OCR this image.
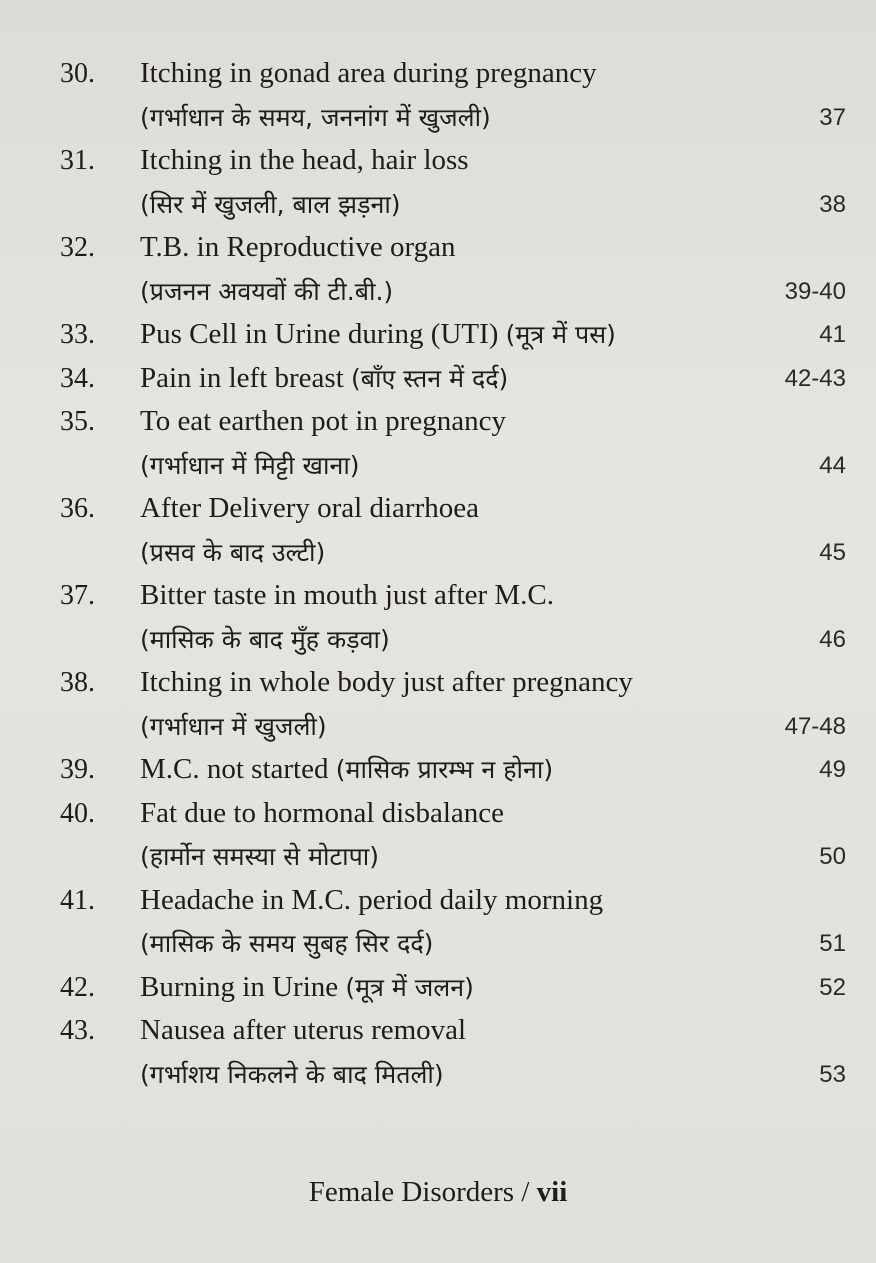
30.	Itching in gonad area during pregnancy
(गर्भाधान के समय, जननांग में खुजली)	37
31.	Itching in the head, hair loss
(सिर में खुजली, बाल झड़ना)	38
32.	T.B. in Reproductive organ
(प्रजनन अवयवों की टी.बी.)	39-40
33.	Pus Cell in Urine during (UTI) (मूत्र में पस)	41
34.	Pain in left breast (बाँए स्तन में दर्द)	42-43
35.	To eat earthen pot in pregnancy
(गर्भाधान में मिट्टी खाना)	44
36.	After Delivery oral diarrhoea
(प्रसव के बाद उल्टी)	45
37.	Bitter taste in mouth just after M.C.
(मासिक के बाद मुँह कड़वा)	46
38.	Itching in whole body just after pregnancy
(गर्भाधान में खुजली)	47-48
39.	M.C. not started (मासिक प्रारम्भ न होना)	49
40.	Fat due to hormonal disbalance
(हार्मोन समस्या से मोटापा)	50
41.	Headache in M.C. period daily morning
(मासिक के समय सुबह सिर दर्द)	51
42.	Burning in Urine (मूत्र में जलन)	52
43.	Nausea after uterus removal
(गर्भाशय निकलने के बाद मितली)	53
Female Disorders / vii
